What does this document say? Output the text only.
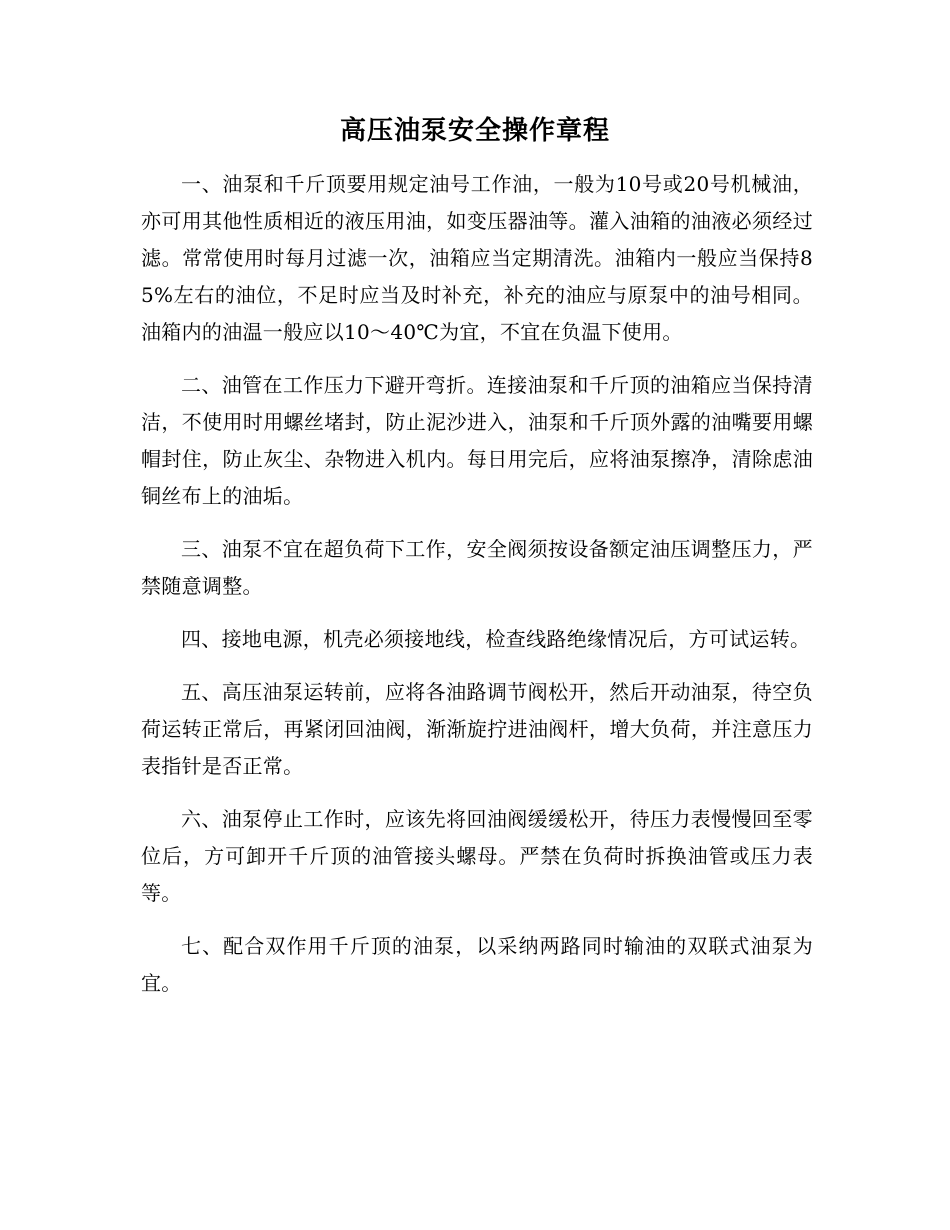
高压油泵安全操作章程

一、油泵和千斤顶要用规定油号工作油，一般为10号或20号机械油，亦可用其他性质相近的液压用油，如变压器油等。灌入油箱的油液必须经过滤。常常使用时每月过滤一次，油箱应当定期清洗。油箱内一般应当保持85%左右的油位，不足时应当及时补充，补充的油应与原泵中的油号相同。油箱内的油温一般应以10～40℃为宜，不宜在负温下使用。

二、油管在工作压力下避开弯折。连接油泵和千斤顶的油箱应当保持清洁，不使用时用螺丝堵封，防止泥沙进入，油泵和千斤顶外露的油嘴要用螺帽封住，防止灰尘、杂物进入机内。每日用完后，应将油泵擦净，清除虑油铜丝布上的油垢。

三、油泵不宜在超负荷下工作，安全阀须按设备额定油压调整压力，严禁随意调整。

四、接地电源，机壳必须接地线，检查线路绝缘情况后，方可试运转。

五、高压油泵运转前，应将各油路调节阀松开，然后开动油泵，待空负荷运转正常后，再紧闭回油阀，渐渐旋拧进油阀杆，增大负荷，并注意压力表指针是否正常。

六、油泵停止工作时，应该先将回油阀缓缓松开，待压力表慢慢回至零位后，方可卸开千斤顶的油管接头螺母。严禁在负荷时拆换油管或压力表等。

七、配合双作用千斤顶的油泵，以采纳两路同时输油的双联式油泵为宜。
